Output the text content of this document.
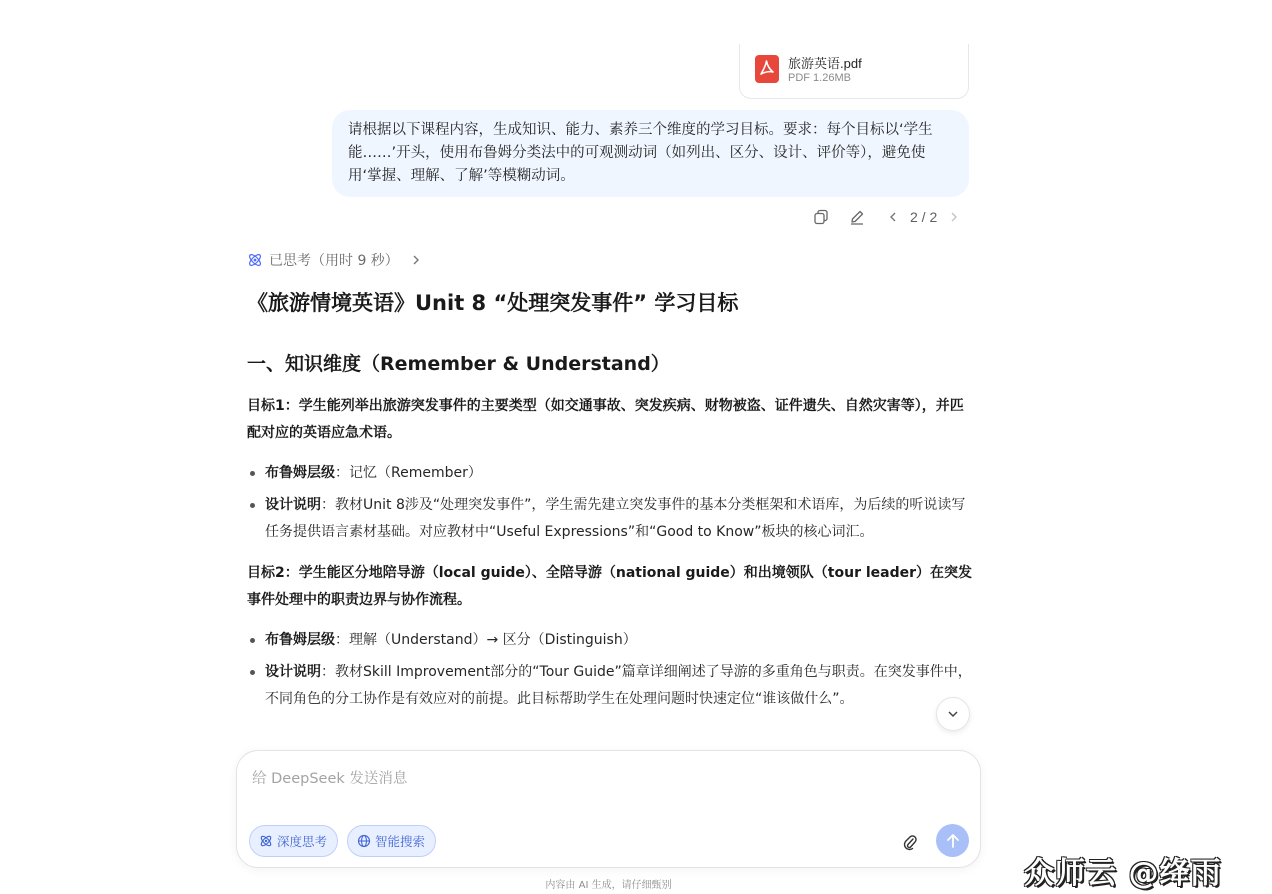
旅游英语.pdf
PDF 1.26MB
请根据以下课程内容，生成知识、能力、素养三个维度的学习目标。要求：每个目标以‘学生能……’开头，使用布鲁姆分类法中的可观测动词（如列出、区分、设计、评价等），避免使用‘掌握、理解、了解’等模糊动词。
2 / 2
已思考（用时 9 秒）
《旅游情境英语》Unit 8 “处理突发事件” 学习目标
一、知识维度（Remember & Understand）

目标1：学生能列举出旅游突发事件的主要类型（如交通事故、突发疾病、财物被盗、证件遗失、自然灾害等），并匹配对应的英语应急术语。

布鲁姆层级：记忆（Remember）
设计说明：教材Unit 8涉及“处理突发事件”，学生需先建立突发事件的基本分类框架和术语库，为后续的听说读写任务提供语言素材基础。对应教材中“Useful Expressions”和“Good to Know”板块的核心词汇。

目标2：学生能区分地陪导游（local guide）、全陪导游（national guide）和出境领队（tour leader）在突发事件处理中的职责边界与协作流程。

布鲁姆层级：理解（Understand）→ 区分（Distinguish）
设计说明：教材Skill Improvement部分的“Tour Guide”篇章详细阐述了导游的多重角色与职责。在突发事件中，不同角色的分工协作是有效应对的前提。此目标帮助学生在处理问题时快速定位“谁该做什么”。
给 DeepSeek 发送消息
深度思考	智能搜索
内容由 AI 生成，请仔细甄别	众师云 @绛雨
